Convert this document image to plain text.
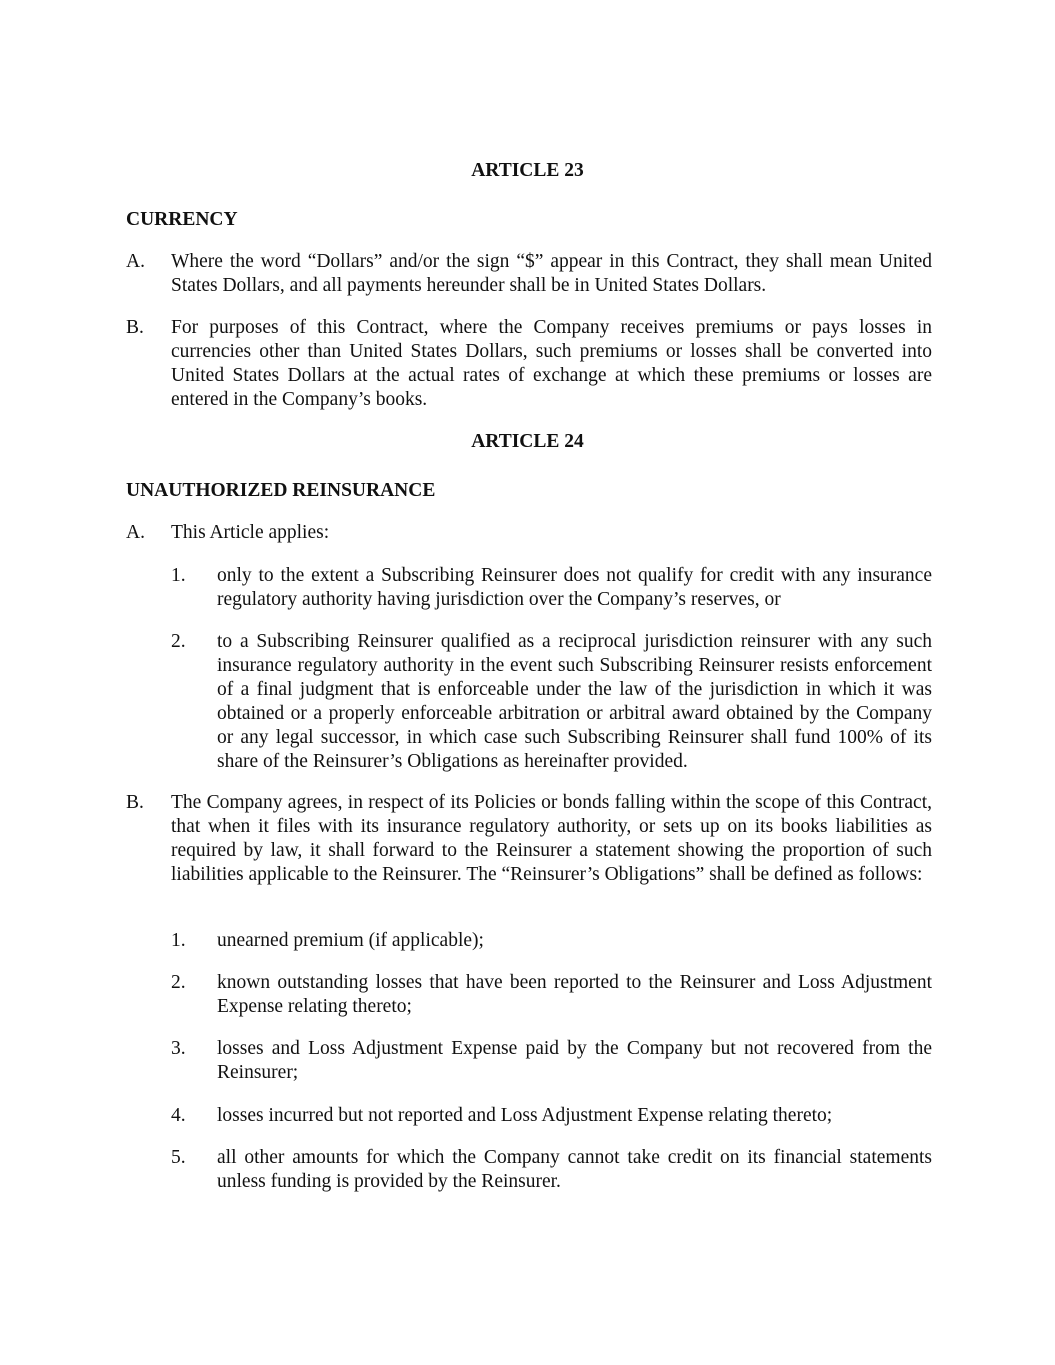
ARTICLE 23

CURRENCY

A. Where the word “Dollars” and/or the sign “$” appear in this Contract, they shall mean United States Dollars, and all payments hereunder shall be in United States Dollars.

B. For purposes of this Contract, where the Company receives premiums or pays losses in currencies other than United States Dollars, such premiums or losses shall be converted into United States Dollars at the actual rates of exchange at which these premiums or losses are entered in the Company’s books.

ARTICLE 24

UNAUTHORIZED REINSURANCE

A. This Article applies:

1. only to the extent a Subscribing Reinsurer does not qualify for credit with any insurance regulatory authority having jurisdiction over the Company’s reserves, or

2. to a Subscribing Reinsurer qualified as a reciprocal jurisdiction reinsurer with any such insurance regulatory authority in the event such Subscribing Reinsurer resists enforcement of a final judgment that is enforceable under the law of the jurisdiction in which it was obtained or a properly enforceable arbitration or arbitral award obtained by the Company or any legal successor, in which case such Subscribing Reinsurer shall fund 100% of its share of the Reinsurer’s Obligations as hereinafter provided.

B. The Company agrees, in respect of its Policies or bonds falling within the scope of this Contract, that when it files with its insurance regulatory authority, or sets up on its books liabilities as required by law, it shall forward to the Reinsurer a statement showing the proportion of such liabilities applicable to the Reinsurer. The “Reinsurer’s Obligations” shall be defined as follows:

1. unearned premium (if applicable);

2. known outstanding losses that have been reported to the Reinsurer and Loss Adjustment Expense relating thereto;

3. losses and Loss Adjustment Expense paid by the Company but not recovered from the Reinsurer;

4. losses incurred but not reported and Loss Adjustment Expense relating thereto;

5. all other amounts for which the Company cannot take credit on its financial statements unless funding is provided by the Reinsurer.
